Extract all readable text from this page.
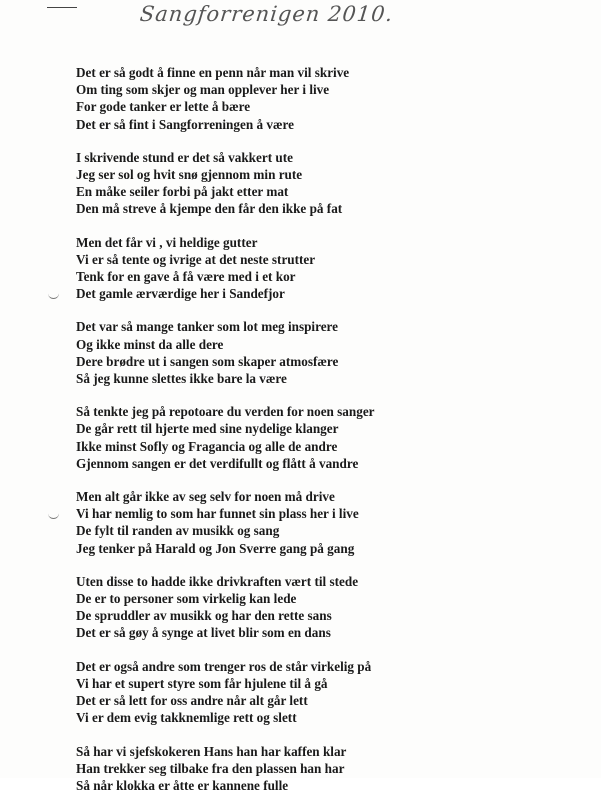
Sangforrenigen 2010.
Det er så godt å finne en penn når man vil skrive
Om ting som skjer og man opplever her i live
For gode tanker er lette å bære
Det er så fint i Sangforreningen å være
I skrivende stund er det så vakkert ute
Jeg ser sol og hvit snø gjennom min rute
En måke seiler forbi på jakt etter mat
Den må streve å kjempe den får den ikke på fat
Men det får vi , vi heldige gutter
Vi er så tente og ivrige at det neste strutter
Tenk for en gave å få være med i et kor
Det gamle ærværdige her i Sandefjor
Det var så mange tanker som lot meg inspirere
Og ikke minst da alle dere
Dere brødre ut i sangen som skaper atmosfære
Så jeg kunne slettes ikke bare la være
Så tenkte jeg på repotoare du verden for noen sanger
De går rett til hjerte med sine nydelige klanger
Ikke minst Sofly og Fragancia og alle de andre
Gjennom sangen er det verdifullt og flått å vandre
Men alt går ikke av seg selv for noen må drive
Vi har nemlig to som har funnet sin plass her i live
De fylt til randen av musikk og sang
Jeg tenker på Harald og Jon Sverre gang på gang
Uten disse to hadde ikke drivkraften vært til stede
De er to personer som virkelig kan lede
De spruddler av musikk og har den rette sans
Det er så gøy å synge at livet blir som en dans
Det er også andre som trenger ros de står virkelig på
Vi har et supert styre som får hjulene til å gå
Det er så lett for oss andre når alt går lett
Vi er dem evig takknemlige rett og slett
Så har vi sjefskokeren Hans han har kaffen klar
Han trekker seg tilbake fra den plassen han har
Så når klokka er åtte er kannene fulle
